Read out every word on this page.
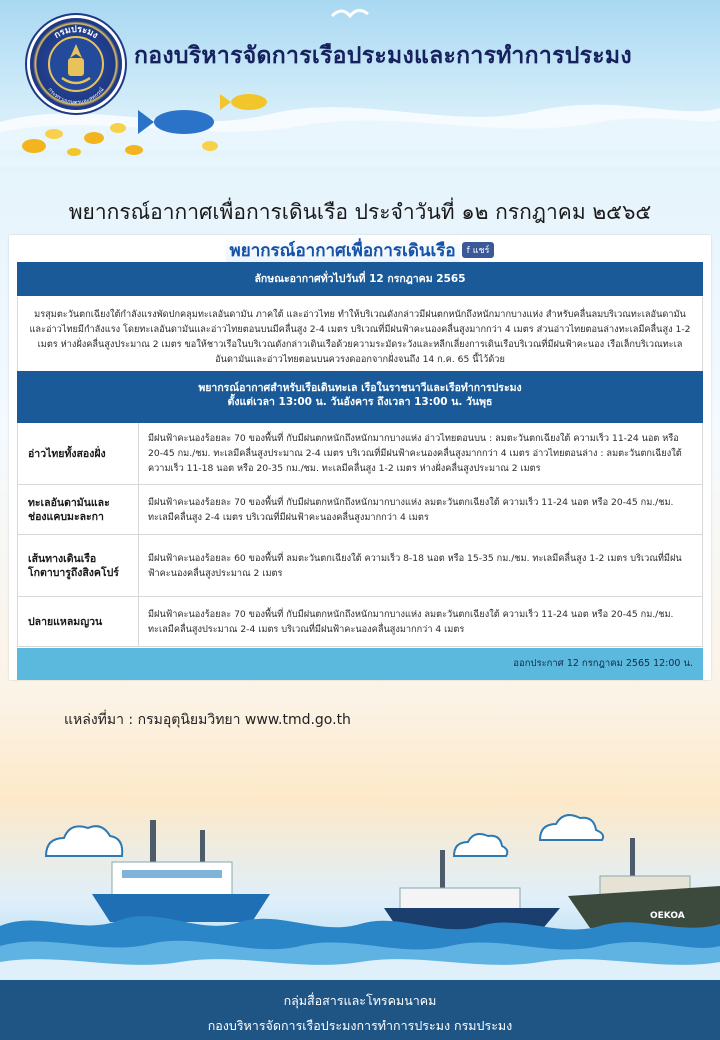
กรมประมง
กระทรวงเกษตรและสหกรณ์
กองบริหารจัดการเรือประมงและการทำการประมง
พยากรณ์อากาศเพื่อการเดินเรือ ประจำวันที่ ๑๒ กรกฎาคม ๒๕๖๕
พยากรณ์อากาศเพื่อการเดินเรือ f แชร์
ลักษณะอากาศทั่วไปวันที่ 12 กรกฎาคม 2565
มรสุมตะวันตกเฉียงใต้กำลังแรงพัดปกคลุมทะเลอันดามัน ภาคใต้ และอ่าวไทย ทำให้บริเวณดังกล่าวมีฝนตกหนักถึงหนักมากบางแห่ง สำหรับคลื่นลมบริเวณทะเลอันดามันและอ่าวไทยมีกำลังแรง โดยทะเลอันดามันและอ่าวไทยตอนบนมีคลื่นสูง 2-4 เมตร บริเวณที่มีฝนฟ้าคะนองคลื่นสูงมากกว่า 4 เมตร ส่วนอ่าวไทยตอนล่างทะเลมีคลื่นสูง 1-2 เมตร ห่างฝั่งคลื่นสูงประมาณ 2 เมตร ขอให้ชาวเรือในบริเวณดังกล่าวเดินเรือด้วยความระมัดระวังและหลีกเลี่ยงการเดินเรือบริเวณที่มีฝนฟ้าคะนอง เรือเล็กบริเวณทะเล อันดามันและอ่าวไทยตอนบนควรงดออกจากฝั่งจนถึง 14 ก.ค. 65 นี้ไว้ด้วย
พยากรณ์อากาศสำหรับเรือเดินทะเล เรือในราชนาวีและเรือทำการประมง
ตั้งแต่เวลา 13:00 น. วันอังคาร ถึงเวลา 13:00 น. วันพุธ
อ่าวไทยทั้งสองฝั่ง
มีฝนฟ้าคะนองร้อยละ 70 ของพื้นที่ กับมีฝนตกหนักถึงหนักมากบางแห่ง อ่าวไทยตอนบน : ลมตะวันตกเฉียงใต้ ความเร็ว 11-24 นอต หรือ 20-45 กม./ชม. ทะเลมีคลื่นสูงประมาณ 2-4 เมตร บริเวณที่มีฝนฟ้าคะนองคลื่นสูงมากกว่า 4 เมตร อ่าวไทยตอนล่าง : ลมตะวันตกเฉียงใต้ ความเร็ว 11-18 นอต หรือ 20-35 กม./ชม. ทะเลมีคลื่นสูง 1-2 เมตร ห่างฝั่งคลื่นสูงประมาณ 2 เมตร
ทะเลอันดามันและช่องแคบมะละกา
มีฝนฟ้าคะนองร้อยละ 70 ของพื้นที่ กับมีฝนตกหนักถึงหนักมากบางแห่ง ลมตะวันตกเฉียงใต้ ความเร็ว 11-24 นอต หรือ 20-45 กม./ชม. ทะเลมีคลื่นสูง 2-4 เมตร บริเวณที่มีฝนฟ้าคะนองคลื่นสูงมากกว่า 4 เมตร
เส้นทางเดินเรือโกตาบารูถึงสิงคโปร์
มีฝนฟ้าคะนองร้อยละ 60 ของพื้นที่ ลมตะวันตกเฉียงใต้ ความเร็ว 8-18 นอต หรือ 15-35 กม./ชม. ทะเลมีคลื่นสูง 1-2 เมตร บริเวณที่มีฝนฟ้าคะนองคลื่นสูงประมาณ 2 เมตร
ปลายแหลมญวน
มีฝนฟ้าคะนองร้อยละ 70 ของพื้นที่ กับมีฝนตกหนักถึงหนักมากบางแห่ง ลมตะวันตกเฉียงใต้ ความเร็ว 11-24 นอต หรือ 20-45 กม./ชม. ทะเลมีคลื่นสูงประมาณ 2-4 เมตร บริเวณที่มีฝนฟ้าคะนองคลื่นสูงมากกว่า 4 เมตร
ออกประกาศ 12 กรกฎาคม 2565 12:00 น.
แหล่งที่มา : กรมอุตุนิยมวิทยา www.tmd.go.th
OEKOA
กลุ่มสื่อสารและโทรคมนาคม
กองบริหารจัดการเรือประมงการทำการประมง กรมประมง
